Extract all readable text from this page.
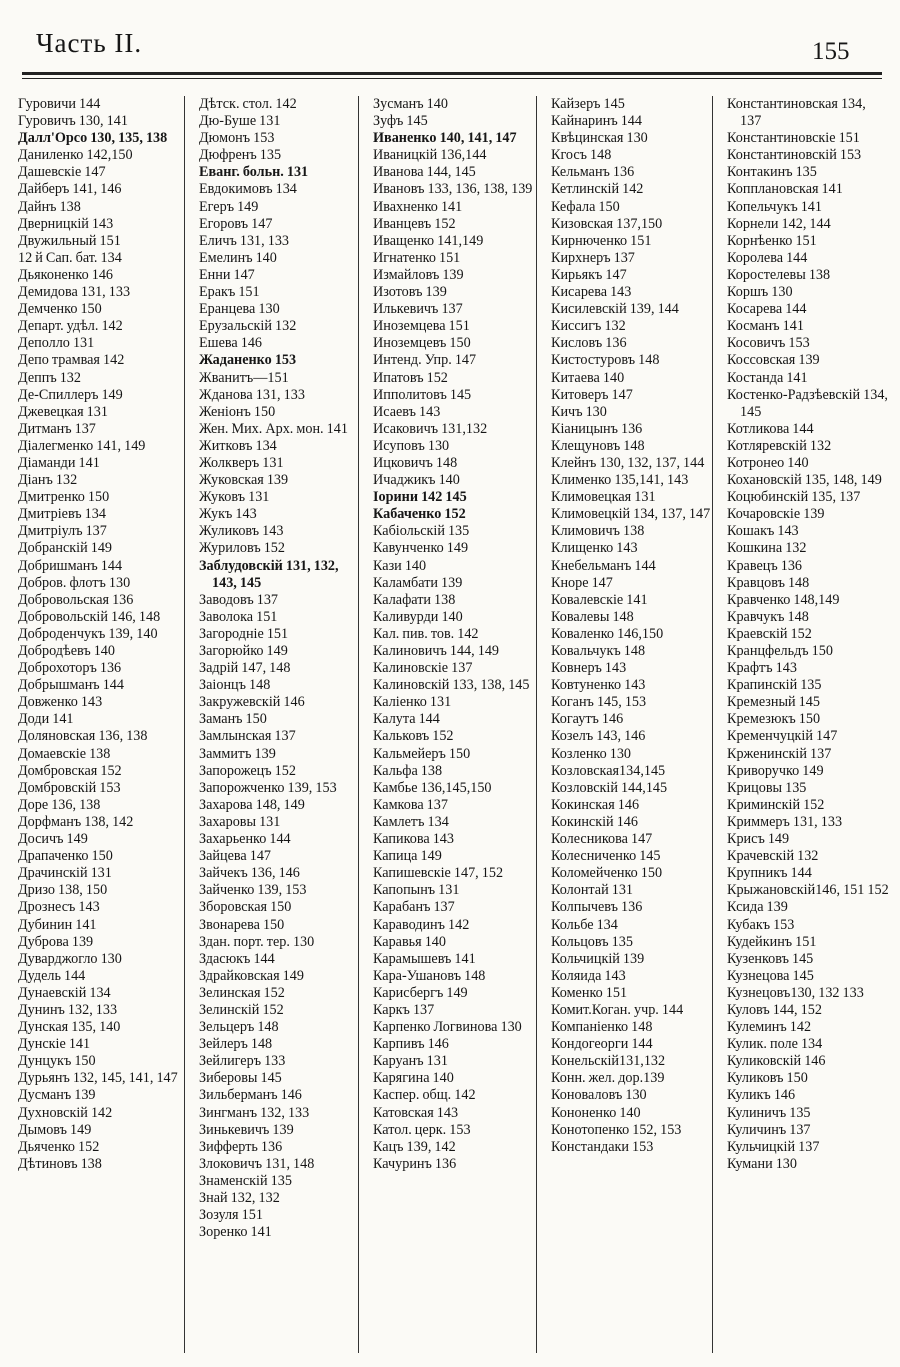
Часть II.	155
Гуровичи 144
Гуровичъ 130, 141
Далл'Орсо 130, 135, 138
Даниленко 142,150
Дашевскіе 147
Дайберъ 141, 146
Дайнъ 138
Дверницкій 143
Двужильный 151
12 й Сап. бат. 134
Дьяконенко 146
Демидова 131, 133
Демченко 150
Департ. удѣл. 142
Деполло 131
Депо трамвая 142
Деппъ 132
Де-Спиллеръ 149
Джевецкая 131
Дитманъ 137
Діалегменко 141, 149
Діаманди 141
Діанъ 132
Дмитренко 150
Дмитріевъ 134
Дмитріулъ 137
Добранскій 149
Добришманъ 144
Добров. флотъ 130
Добровольская 136
Добровольскій 146, 148
Доброденчукъ 139, 140
Добродѣевъ 140
Доброхоторъ 136
Добрышманъ 144
Довженко 143
Доди 141
Доляновская 136, 138
Домаевскіе 138
Домбровская 152
Домбровскій 153
Доре 136, 138
Дорфманъ 138, 142
Досичъ 149
Драпаченко 150
Драчинскій 131
Дризо 138, 150
Дрознесъ 143
Дубинин 141
Дуброва 139
Дуварджогло 130
Дудель 144
Дунаевскій 134
Дунинъ 132, 133
Дунская 135, 140
Дунскіе 141
Дунцукъ 150
Дурьянъ 132, 145, 141, 147
Дусманъ 139
Духновскій 142
Дымовъ 149
Дьяченко 152
Дѣтиновъ 138
Дѣтск. стол. 142
Дю-Буше 131
Дюмонъ 153
Дюфренъ 135
Еванг. больн. 131
Евдокимовъ 134
Егеръ 149
Егоровъ 147
Еличъ 131, 133
Емелинъ 140
Енни 147
Еракъ 151
Еранцева 130
Ерузальскій 132
Ешева 146
Жаданенко 153
Жванитъ—151
Жданова 131, 133
Женіонъ 150
Жен. Мих. Арх. мон. 141
Житковъ 134
Жолкверъ 131
Жуковская 139
Жуковъ 131
Жукъ 143
Жуликовъ 143
Журиловъ 152
Заблудовскій 131, 132, 143, 145
Заводовъ 137
Заволока 151
Загородніе 151
Загорюйко 149
Задрій 147, 148
Заіонцъ 148
Закружевскій 146
Заманъ 150
Замлынская 137
Заммитъ 139
Запорожецъ 152
Запорожченко 139, 153
Захарова 148, 149
Захаровы 131
Захарьенко 144
Зайцева 147
Зайчекъ 136, 146
Зайченко 139, 153
Зборовская 150
Звонарева 150
Здан. порт. тер. 130
Здасюкъ 144
Здрайковская 149
Зелинская 152
Зелинскій 152
Зельцеръ 148
Зейлеръ 148
Зейлигеръ 133
Зиберовы 145
Зильберманъ 146
Зингманъ 132, 133
Зинькевичъ 139
Зифферть 136
Злоковичъ 131, 148
Знаменскій 135
Знай 132, 132
Зозуля 151
Зоренко 141
Зусманъ 140
Зуфъ 145
Иваненко 140, 141, 147
Иваницкій 136,144
Иванова 144, 145
Ивановъ 133, 136, 138, 139
Ивахненко 141
Иванцевъ 152
Иващенко 141,149
Игнатенко 151
Измайловъ 139
Изотовъ 139
Илькевичъ 137
Иноземцева 151
Иноземцевъ 150
Интенд. Упр. 147
Ипатовъ 152
Ипполитовъ 145
Исаевъ 143
Исаковичъ 131,132
Исуповъ 130
Ицковичъ 148
Ичаджикъ 140
Іорини 142 145
Кабаченко 152
Кабіольскій 135
Кавунченко 149
Кази 140
Каламбати 139
Калафати 138
Каливурди 140
Кал. пив. тов. 142
Калиновичъ 144, 149
Калиновскіе 137
Калиновскій 133, 138, 145
Каліенко 131
Калута 144
Кальковъ 152
Кальмейеръ 150
Кальфа 138
Камбье 136,145,150
Камкова 137
Камлетъ 134
Капикова 143
Капица 149
Капишевскіе 147, 152
Капопынъ 131
Карабанъ 137
Караводинъ 142
Каравья 140
Карамышевъ 141
Кара-Ушановъ 148
Карисбергъ 149
Каркъ 137
Карпенко Логвинова 130
Карпивъ 146
Каруанъ 131
Карягина 140
Каспер. общ. 142
Катовская 143
Катол. церк. 153
Кацъ 139, 142
Качуринъ 136
Кайзеръ 145
Кайнаринъ 144
Квѣцинская 130
Кгосъ 148
Кельманъ 136
Кетлинскій 142
Кефала 150
Кизовская 137,150
Кирнюченко 151
Кирхнеръ 137
Кирьякъ 147
Кисарева 143
Кисилевскій 139, 144
Киссигъ 132
Кисловъ 136
Кистостуровъ 148
Китаева 140
Китоверъ 147
Кичъ 130
Кіаницынъ 136
Клещуновъ 148
Клейнъ 130, 132, 137, 144
Клименко 135,141, 143
Климовецкая 131
Климовецкій 134, 137, 147
Климовичъ 138
Клищенко 143
Кнебельманъ 144
Кноре 147
Ковалевскіе 141
Ковалевы 148
Коваленко 146,150
Ковальчукъ 148
Ковнеръ 143
Ковтуненко 143
Коганъ 145, 153
Когаутъ 146
Козелъ 143, 146
Козленко 130
Козловская134,145
Козловскій 144,145
Кокинская 146
Кокинскій 146
Колесникова 147
Колесниченко 145
Коломейченко 150
Колонтай 131
Колпычевъ 136
Кольбе 134
Кольцовъ 135
Кольчицкій 139
Коляида 143
Коменко 151
Комит.Коган. учр. 144
Компаніенко 148
Кондогеорги 144
Конельскій131,132
Конн. жел. дор.139
Коноваловъ 130
Кононенко 140
Конотопенко 152, 153
Констандаки 153
Константиновская 134, 137
Константиновскіе 151
Константиновскій 153
Контакинъ 135
Копплановская 141
Копельчукъ 141
Корнели 142, 144
Корнѣенко 151
Королева 144
Коростелевы 138
Коршъ 130
Косарева 144
Косманъ 141
Косовичъ 153
Коссовская 139
Костанда 141
Костенко-Радзѣевскій 134, 145
Котликова 144
Котляревскій 132
Котронео 140
Кохановскій 135, 148, 149
Коцюбинскій 135, 137
Кочаровскіе 139
Кошакъ 143
Кошкина 132
Кравецъ 136
Кравцовъ 148
Кравченко 148,149
Кравчукъ 148
Краевскій 152
Кранцфельдъ 150
Крафтъ 143
Крапинскій 135
Кремезный 145
Кремезюкъ 150
Кременчуцкій 147
Крженинскій 137
Криворучко 149
Крицовы 135
Криминскій 152
Криммеръ 131, 133
Крисъ 149
Крачевскій 132
Крупникъ 144
Крыжановскій146, 151 152
Ксида 139
Кубакъ 153
Кудейкинъ 151
Кузенковъ 145
Кузнецова 145
Кузнецовъ130, 132 133
Куловъ 144, 152
Кулеминъ 142
Кулик. поле 134
Куликовскій 146
Куликовъ 150
Куликъ 146
Кулиничъ 135
Куличинъ 137
Кульчицкій 137
Кумани 130
